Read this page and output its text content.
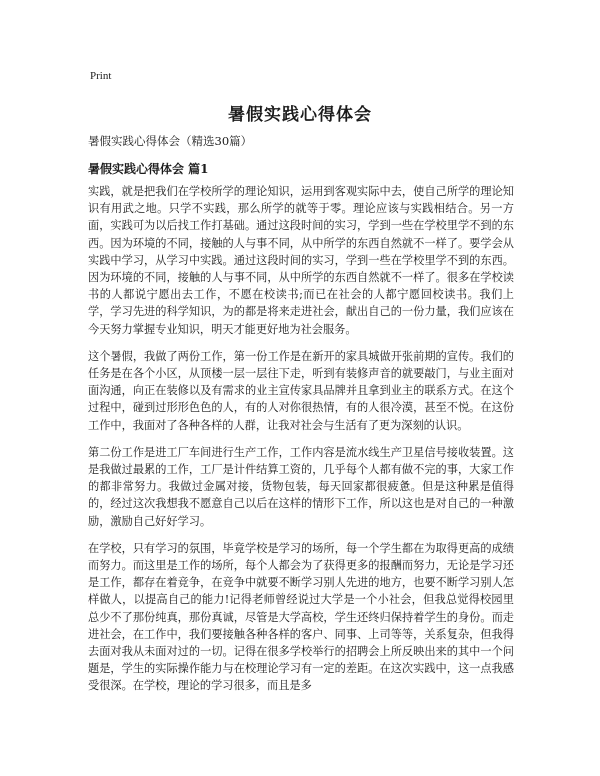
Print
暑假实践心得体会
暑假实践心得体会（精选30篇）
暑假实践心得体会 篇1

实践，就是把我们在学校所学的理论知识，运用到客观实际中去，使自己所学的理论知识有用武之地。只学不实践，那么所学的就等于零。理论应该与实践相结合。另一方面，实践可为以后找工作打基础。通过这段时间的实习，学到一些在学校里学不到的东西。因为环境的不同，接触的人与事不同，从中所学的东西自然就不一样了。要学会从实践中学习，从学习中实践。通过这段时间的实习，学到一些在学校里学不到的东西。因为环境的不同，接触的人与事不同，从中所学的东西自然就不一样了。很多在学校读书的人都说宁愿出去工作，不愿在校读书;而已在社会的人都宁愿回校读书。我们上学，学习先进的科学知识，为的都是将来走进社会，献出自己的一份力量，我们应该在今天努力掌握专业知识，明天才能更好地为社会服务。

这个暑假，我做了两份工作，第一份工作是在新开的家具城做开张前期的宣传。我们的任务是在各个小区，从顶楼一层一层往下走，听到有装修声音的就要敲门，与业主面对面沟通，向正在装修以及有需求的业主宣传家具品牌并且拿到业主的联系方式。在这个过程中，碰到过形形色色的人，有的人对你很热情，有的人很冷漠，甚至不悦。在这份工作中，我面对了各种各样的人群，让我对社会与生活有了更为深刻的认识。

第二份工作是进工厂车间进行生产工作，工作内容是流水线生产卫星信号接收装置。这是我做过最累的工作，工厂是计件结算工资的，几乎每个人都有做不完的事，大家工作的都非常努力。我做过金属对接，货物包装，每天回家都很疲惫。但是这种累是值得的，经过这次我想我不愿意自己以后在这样的情形下工作，所以这也是对自己的一种激励，激励自己好好学习。

在学校，只有学习的氛围，毕竟学校是学习的场所，每一个学生都在为取得更高的成绩而努力。而这里是工作的场所，每个人都会为了获得更多的报酬而努力，无论是学习还是工作，都存在着竞争，在竞争中就要不断学习别人先进的地方，也要不断学习别人怎样做人，以提高自己的能力!记得老师曾经说过大学是一个小社会，但我总觉得校园里总少不了那份纯真，那份真诚，尽管是大学高校，学生还终归保持着学生的身份。而走进社会，在工作中，我们要接触各种各样的客户、同事、上司等等，关系复杂，但我得去面对我从未面对过的一切。记得在很多学校举行的招聘会上所反映出来的其中一个问题是，学生的实际操作能力与在校理论学习有一定的差距。在这次实践中，这一点我感受很深。在学校，理论的学习很多，而且是多
